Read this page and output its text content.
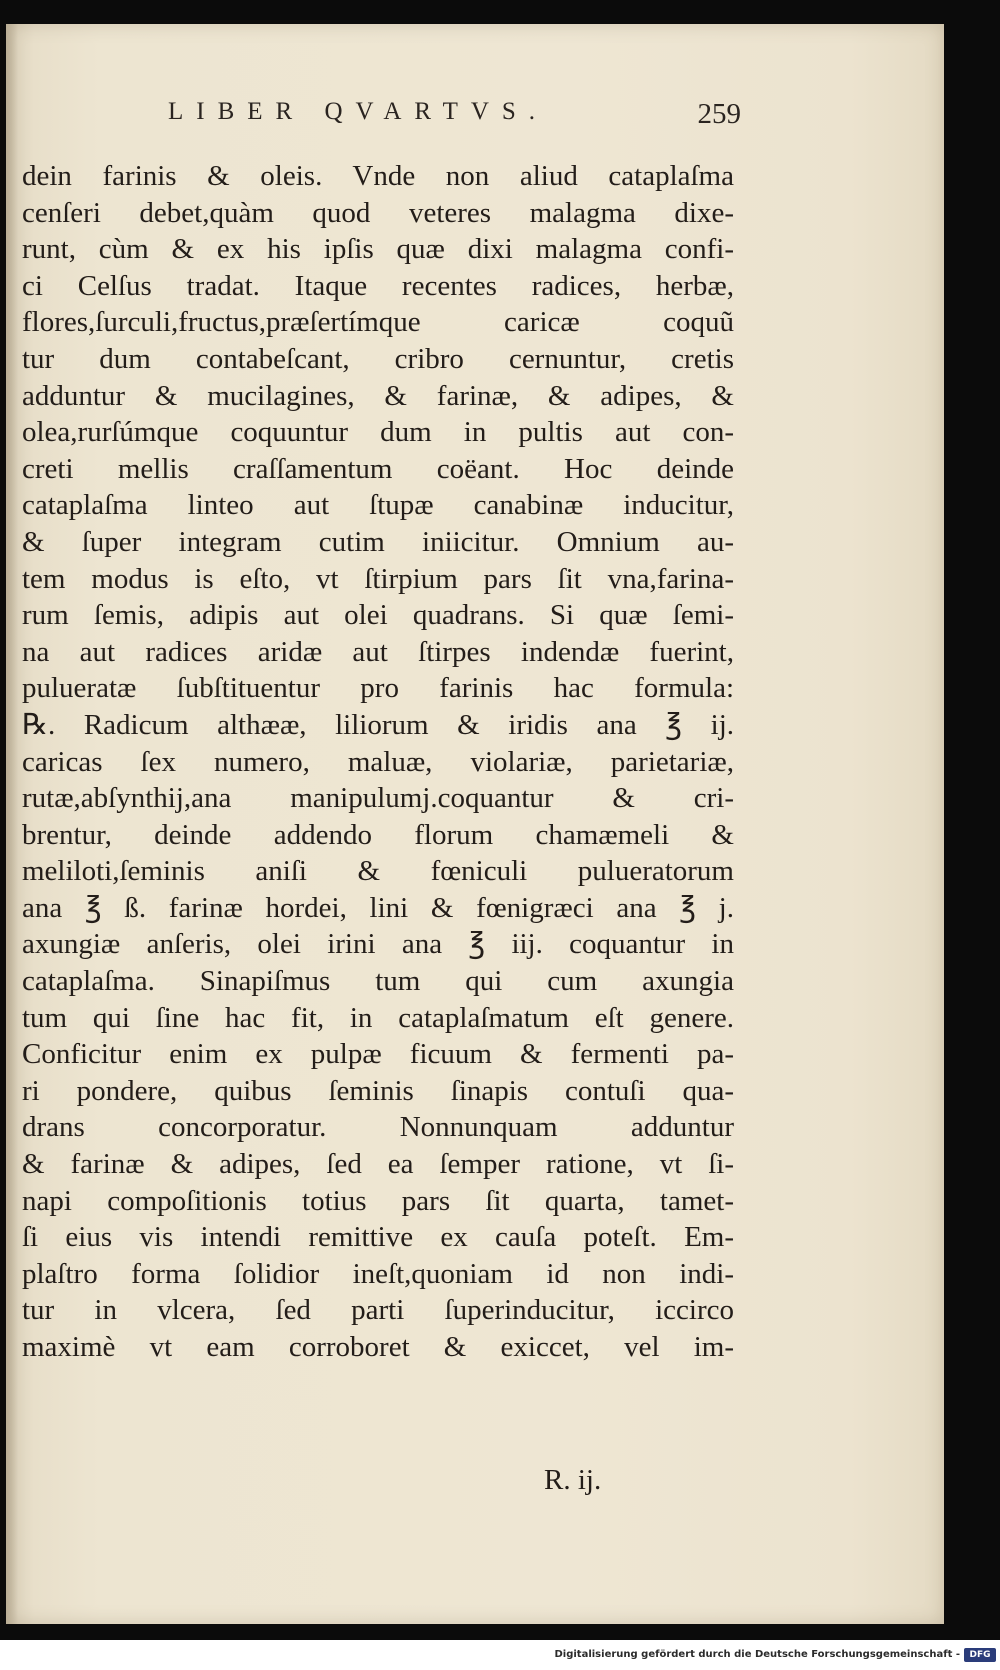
LIBER QVARTVS.	259
dein farinis & oleis. Vnde non aliud cataplaſma
cenſeri debet,quàm quod veteres malagma dixe-
runt, cùm & ex his ipſis quæ dixi malagma confi-
ci Celſus tradat. Itaque recentes radices, herbæ,
flores,ſurculi,fructus,præſertímque caricæ coquũ
tur dum contabeſcant, cribro cernuntur, cretis
adduntur & mucilagines, & farinæ, & adipes, &
olea,rurſúmque coquuntur dum in pultis aut con-
creti mellis craſſamentum coëant. Hoc deinde
cataplaſma linteo aut ſtupæ canabinæ inducitur,
& ſuper integram cutim iniicitur. Omnium au-
tem modus is eſto, vt ſtirpium pars ſit vna,farina-
rum ſemis, adipis aut olei quadrans. Si quæ ſemi-
na aut radices aridæ aut ſtirpes indendæ fuerint,
pulueratæ ſubſtituentur pro farinis hac formula:
℞. Radicum althææ, liliorum & iridis ana ℥ ij.
caricas ſex numero, maluæ, violariæ, parietariæ,
rutæ,abſynthij,ana manipulumj.coquantur & cri-
brentur, deinde addendo florum chamæmeli &
meliloti,ſeminis aniſi & fœniculi pulueratorum
ana ℥ ß. farinæ hordei, lini & fœnigræci ana ℥ j.
axungiæ anſeris, olei irini ana ℥ iij. coquantur in
cataplaſma. Sinapiſmus tum qui cum axungia
tum qui ſine hac fit, in cataplaſmatum eſt genere.
Conficitur enim ex pulpæ ficuum & fermenti pa-
ri pondere, quibus ſeminis ſinapis contuſi qua-
drans concorporatur. Nonnunquam adduntur
& farinæ & adipes, ſed ea ſemper ratione, vt ſi-
napi compoſitionis totius pars ſit quarta, tamet-
ſi eius vis intendi remittive ex cauſa poteſt. Em-
plaſtro forma ſolidior ineſt,quoniam id non indi-
tur in vlcera, ſed parti ſuperinducitur, iccirco
maximè vt eam corroboret & exiccet, vel im-
R. ij.
Digitalisierung gefördert durch die Deutsche Forschungsgemeinschaft -	DFG
